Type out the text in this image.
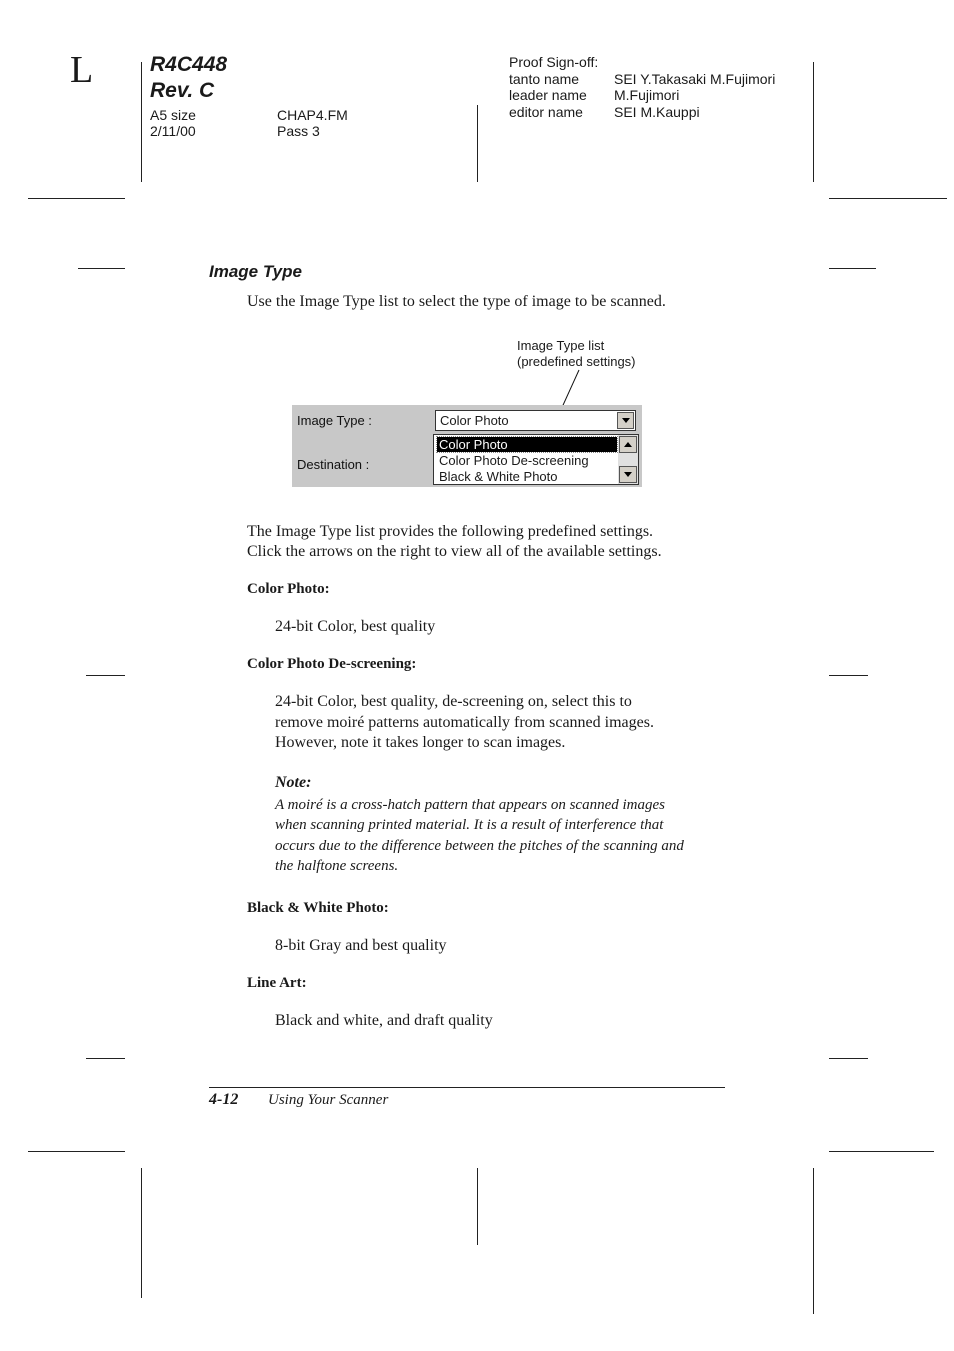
L	R4C448
Rev. C
A5 size
2/11/00
CHAP4.FM
Pass 3
Proof Sign-off:
tanto name SEI Y.Takasaki M.Fujimori
leader name M.Fujimori
editor name SEI M.Kauppi
Image Type

Use the Image Type list to select the type of image to be scanned.

Image Type list
(predefined settings)
Image Type :
Destination :
Color Photo
Color Photo
Color Photo De-screening
Black & White Photo

The Image Type list provides the following predefined settings.

Click the arrows on the right to view all of the available settings.

Color Photo:

24-bit Color, best quality

Color Photo De-screening:

24-bit Color, best quality, de-screening on, select this to

remove moiré patterns automatically from scanned images.

However, note it takes longer to scan images.

Note:

A moiré is a cross-hatch pattern that appears on scanned images

when scanning printed material. It is a result of interference that

occurs due to the difference between the pitches of the scanning and

the halftone screens.

Black & White Photo:

8-bit Gray and best quality

Line Art:

Black and white, and draft quality

4-12 Using Your Scanner
